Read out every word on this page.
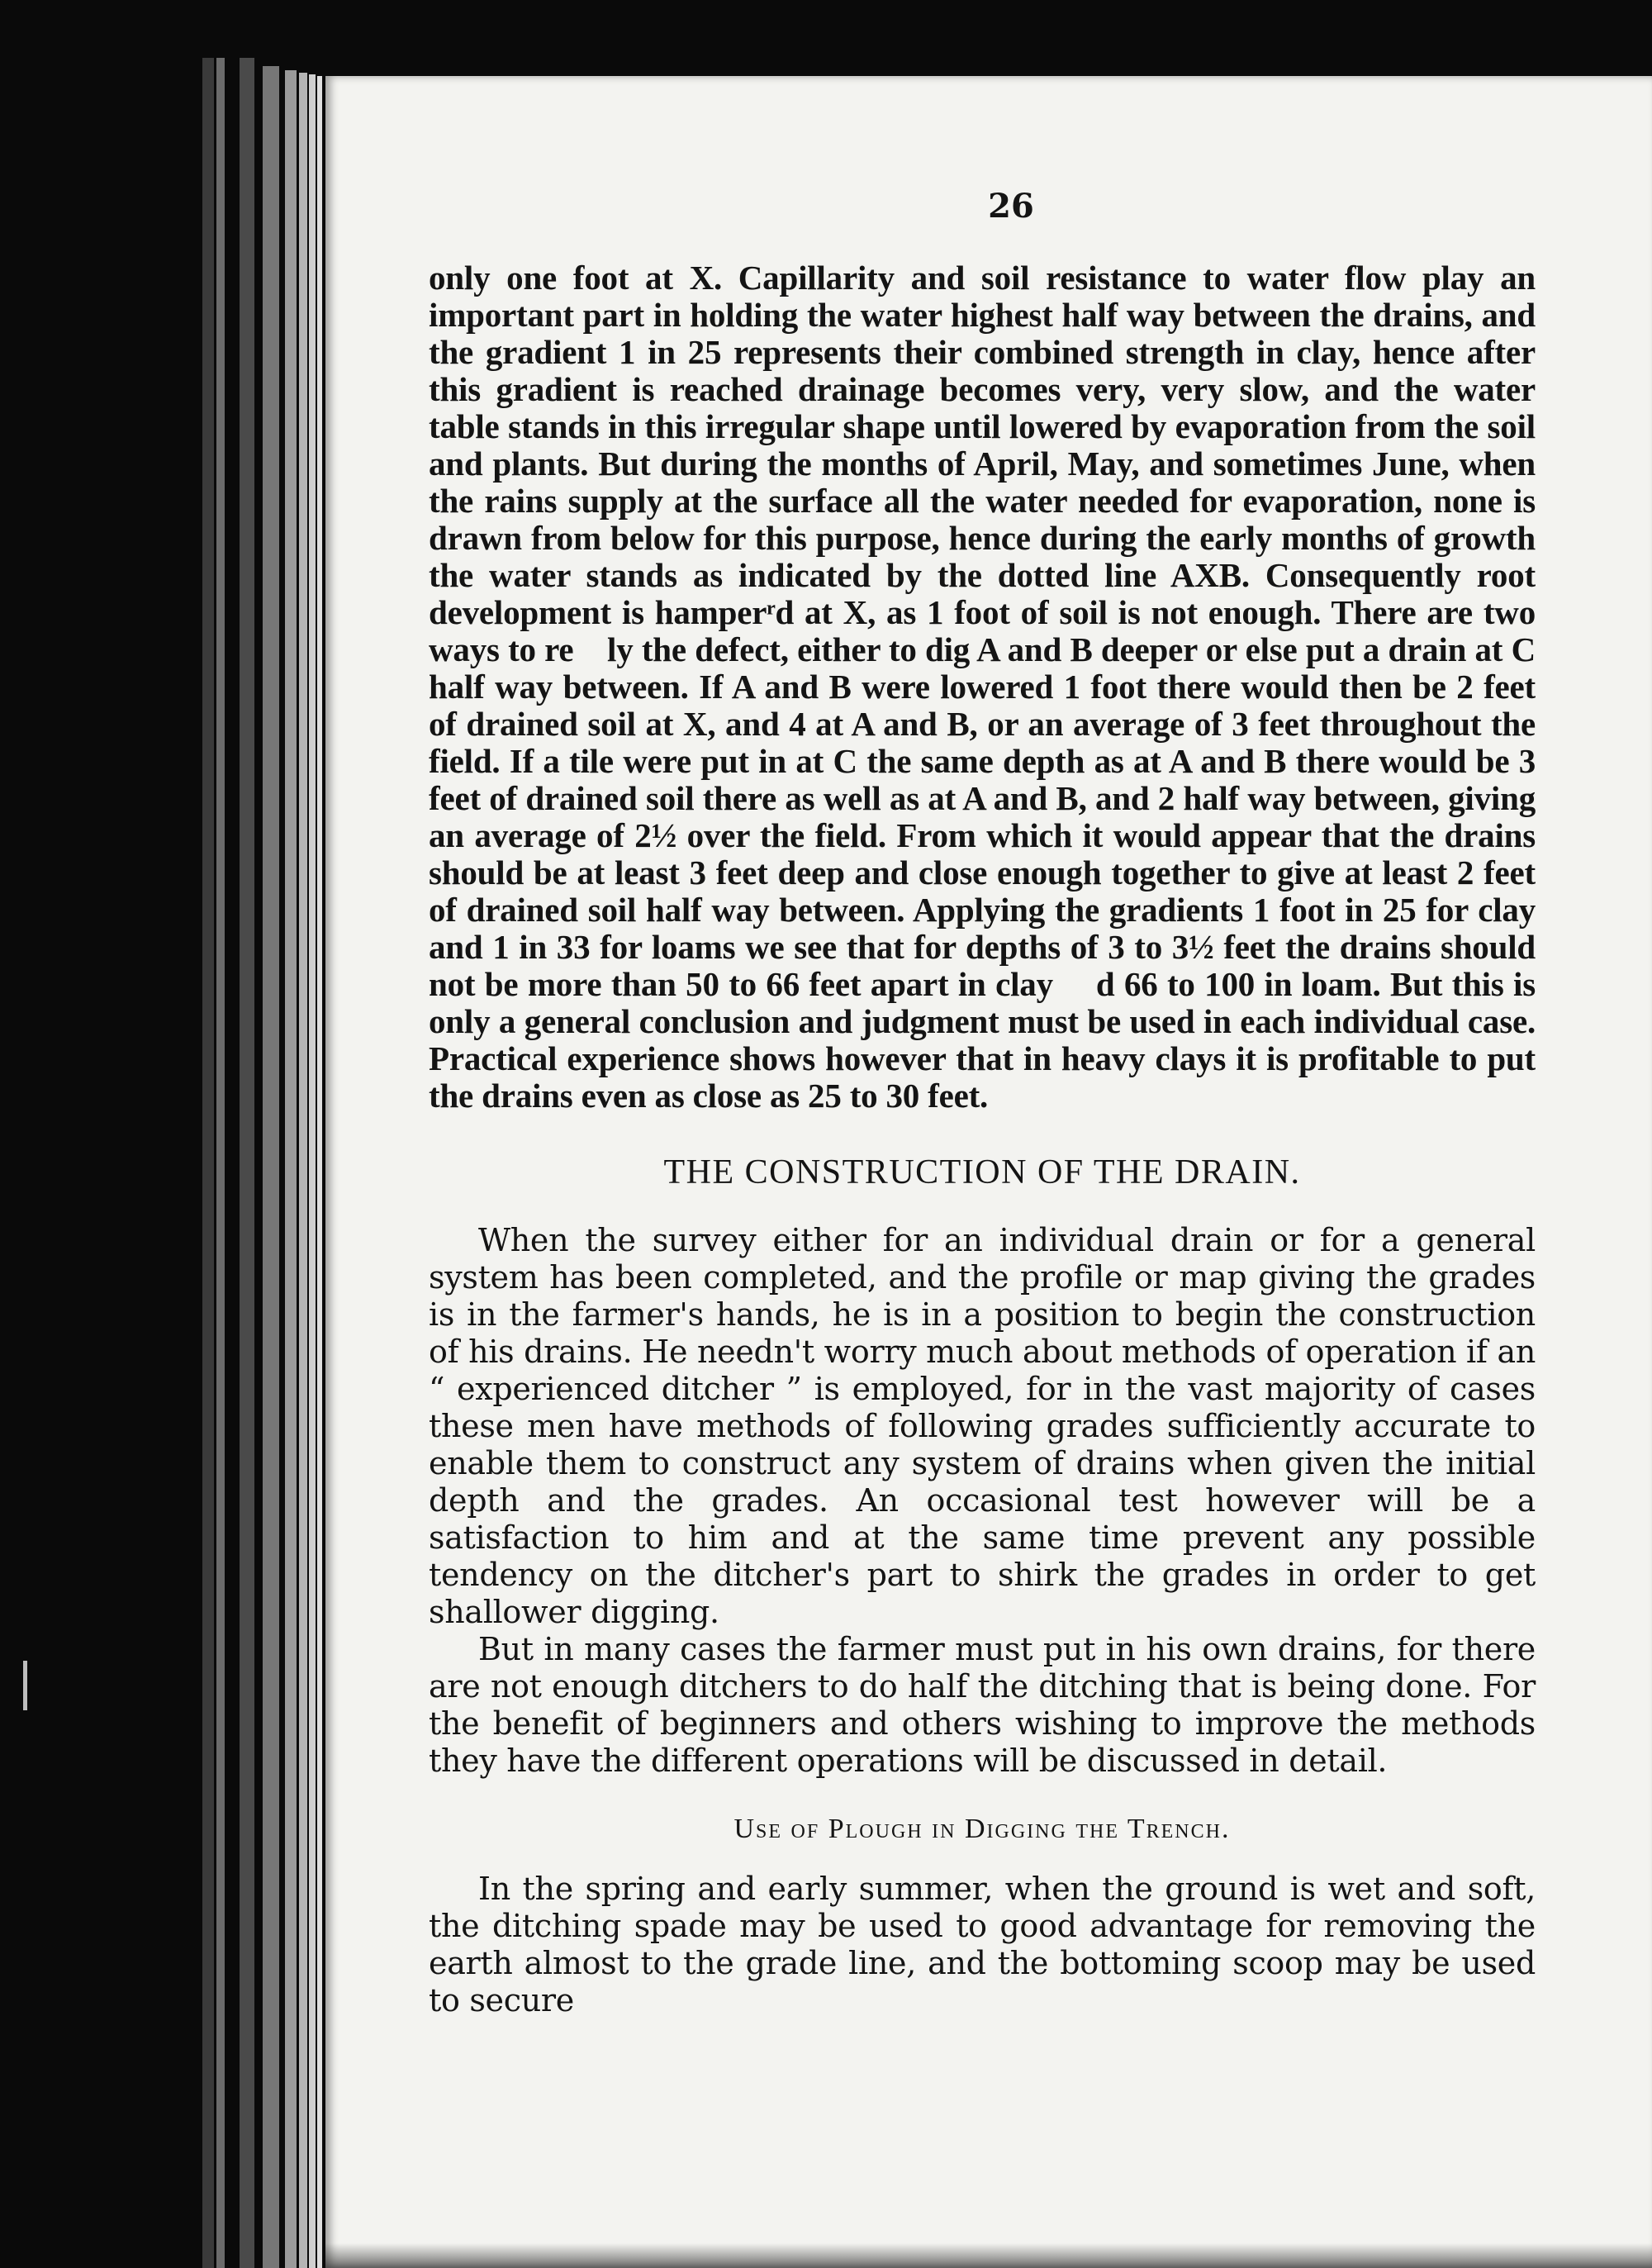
26

only one foot at X. Capillarity and soil resistance to water flow play an important part in holding the water highest half way between the drains, and the gradient 1 in 25 represents their combined strength in clay, hence after this gradient is reached drainage becomes very, very slow, and the water table stands in this irregular shape until lowered by evaporation from the soil and plants. But during the months of April, May, and sometimes June, when the rains supply at the surface all the water needed for evaporation, none is drawn from below for this purpose, hence during the early months of growth the water stands as indicated by the dotted line AXB. Consequently root development is hamperʳd at X, as 1 foot of soil is not enough. There are two ways to re  ly the defect, either to dig A and B deeper or else put a drain at C half way between. If A and B were lowered 1 foot there would then be 2 feet of drained soil at X, and 4 at A and B, or an average of 3 feet throughout the field. If a tile were put in at C the same depth as at A and B there would be 3 feet of drained soil there as well as at A and B, and 2 half way between, giving an average of 2½ over the field. From which it would appear that the drains should be at least 3 feet deep and close enough together to give at least 2 feet of drained soil half way between. Applying the gradients 1 foot in 25 for clay and 1 in 33 for loams we see that for depths of 3 to 3½ feet the drains should not be more than 50 to 66 feet apart in clay   d 66 to 100 in loam. But this is only a general conclusion and judgment must be used in each individual case. Practical experience shows however that in heavy clays it is profitable to put the drains even as close as 25 to 30 feet.

THE CONSTRUCTION OF THE DRAIN.

When the survey either for an individual drain or for a general system has been completed, and the profile or map giving the grades is in the farmer's hands, he is in a position to begin the construction of his drains. He needn't worry much about methods of operation if an “ experienced ditcher ” is employed, for in the vast majority of cases these men have methods of following grades sufficiently accurate to enable them to construct any system of drains when given the initial depth and the grades. An occasional test however will be a satisfaction to him and at the same time prevent any possible tendency on the ditcher's part to shirk the grades in order to get shallower digging.

But in many cases the farmer must put in his own drains, for there are not enough ditchers to do half the ditching that is being done. For the benefit of beginners and others wishing to improve the methods they have the different operations will be discussed in detail.

Use of Plough in Digging the Trench.

In the spring and early summer, when the ground is wet and soft, the ditching spade may be used to good advantage for removing the earth almost to the grade line, and the bottoming scoop may be used to secure
